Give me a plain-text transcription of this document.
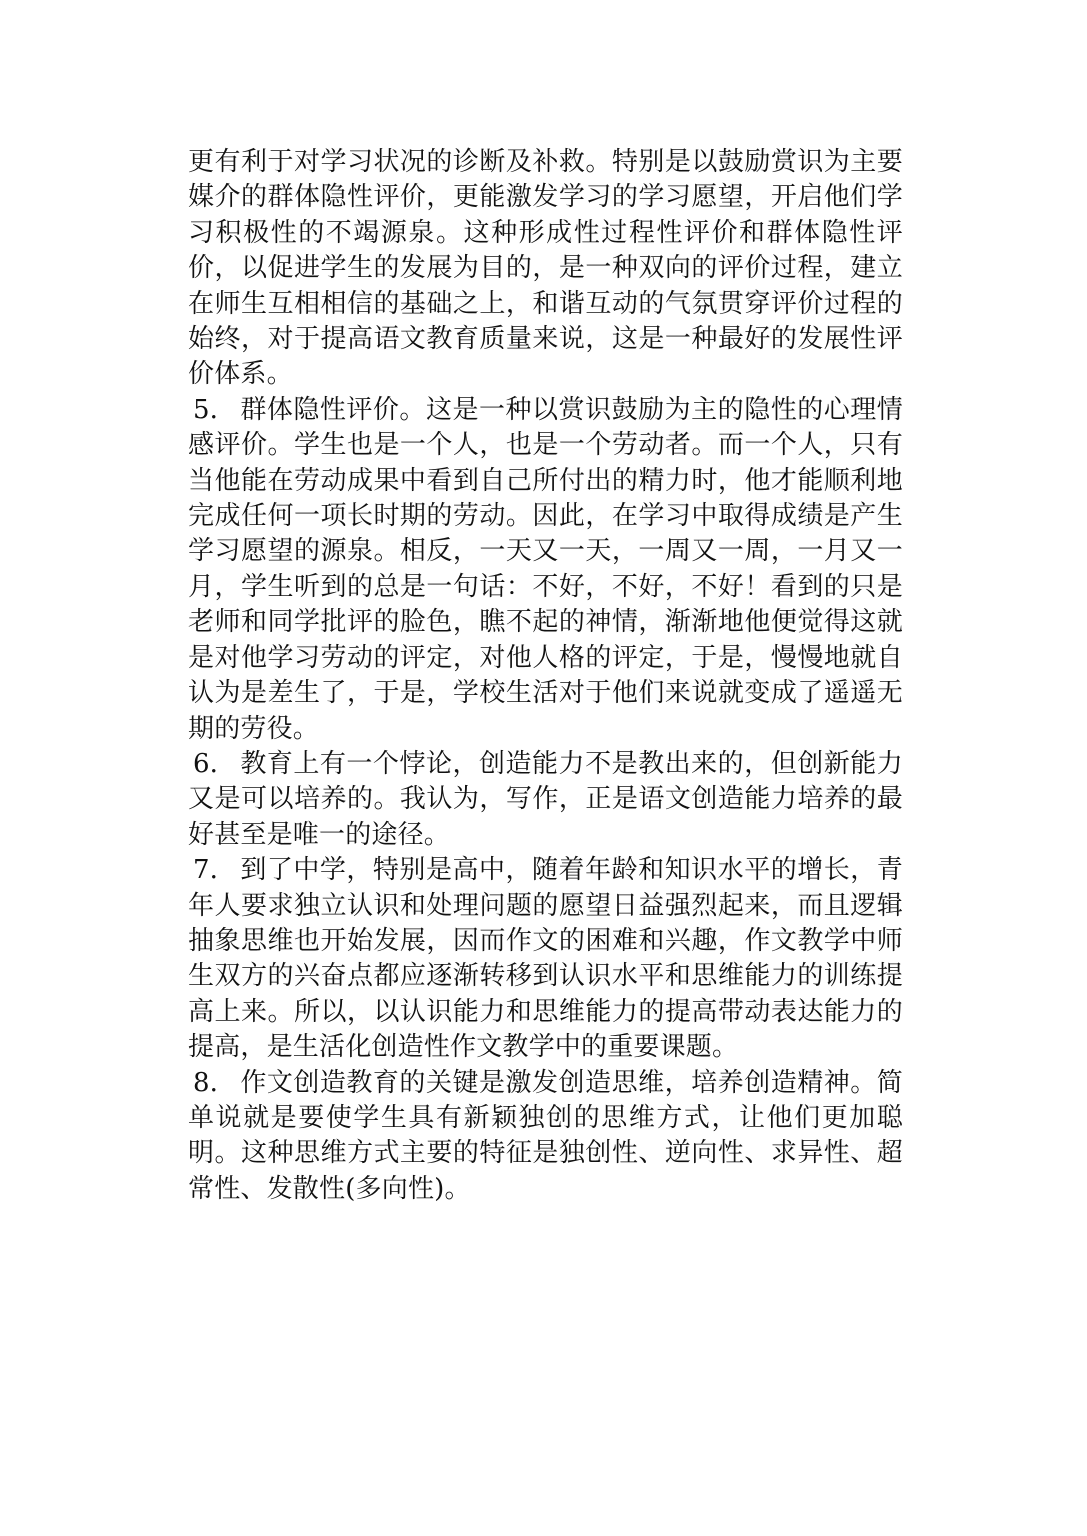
更有利于对学习状况的诊断及补救。特别是以鼓励赏识为主要媒介的群体隐性评价，更能激发学习的学习愿望，开启他们学习积极性的不竭源泉。这种形成性过程性评价和群体隐性评价，以促进学生的发展为目的，是一种双向的评价过程，建立在师生互相相信的基础之上，和谐互动的气氛贯穿评价过程的始终，对于提高语文教育质量来说，这是一种最好的发展性评价体系。

5． 群体隐性评价。这是一种以赏识鼓励为主的隐性的心理情感评价。学生也是一个人，也是一个劳动者。而一个人，只有当他能在劳动成果中看到自己所付出的精力时，他才能顺利地完成任何一项长时期的劳动。因此，在学习中取得成绩是产生学习愿望的源泉。相反，一天又一天，一周又一周，一月又一月，学生听到的总是一句话：不好，不好，不好！看到的只是老师和同学批评的脸色，瞧不起的神情，渐渐地他便觉得这就是对他学习劳动的评定，对他人格的评定，于是，慢慢地就自认为是差生了，于是，学校生活对于他们来说就变成了遥遥无期的劳役。

6． 教育上有一个悖论，创造能力不是教出来的，但创新能力又是可以培养的。我认为，写作，正是语文创造能力培养的最好甚至是唯一的途径。

7． 到了中学，特别是高中，随着年龄和知识水平的增长，青年人要求独立认识和处理问题的愿望日益强烈起来，而且逻辑抽象思维也开始发展，因而作文的困难和兴趣，作文教学中师生双方的兴奋点都应逐渐转移到认识水平和思维能力的训练提高上来。所以，以认识能力和思维能力的提高带动表达能力的提高，是生活化创造性作文教学中的重要课题。

8． 作文创造教育的关键是激发创造思维，培养创造精神。简单说就是要使学生具有新颖独创的思维方式，让他们更加聪明。这种思维方式主要的特征是独创性、逆向性、求异性、超常性、发散性(多向性)。
